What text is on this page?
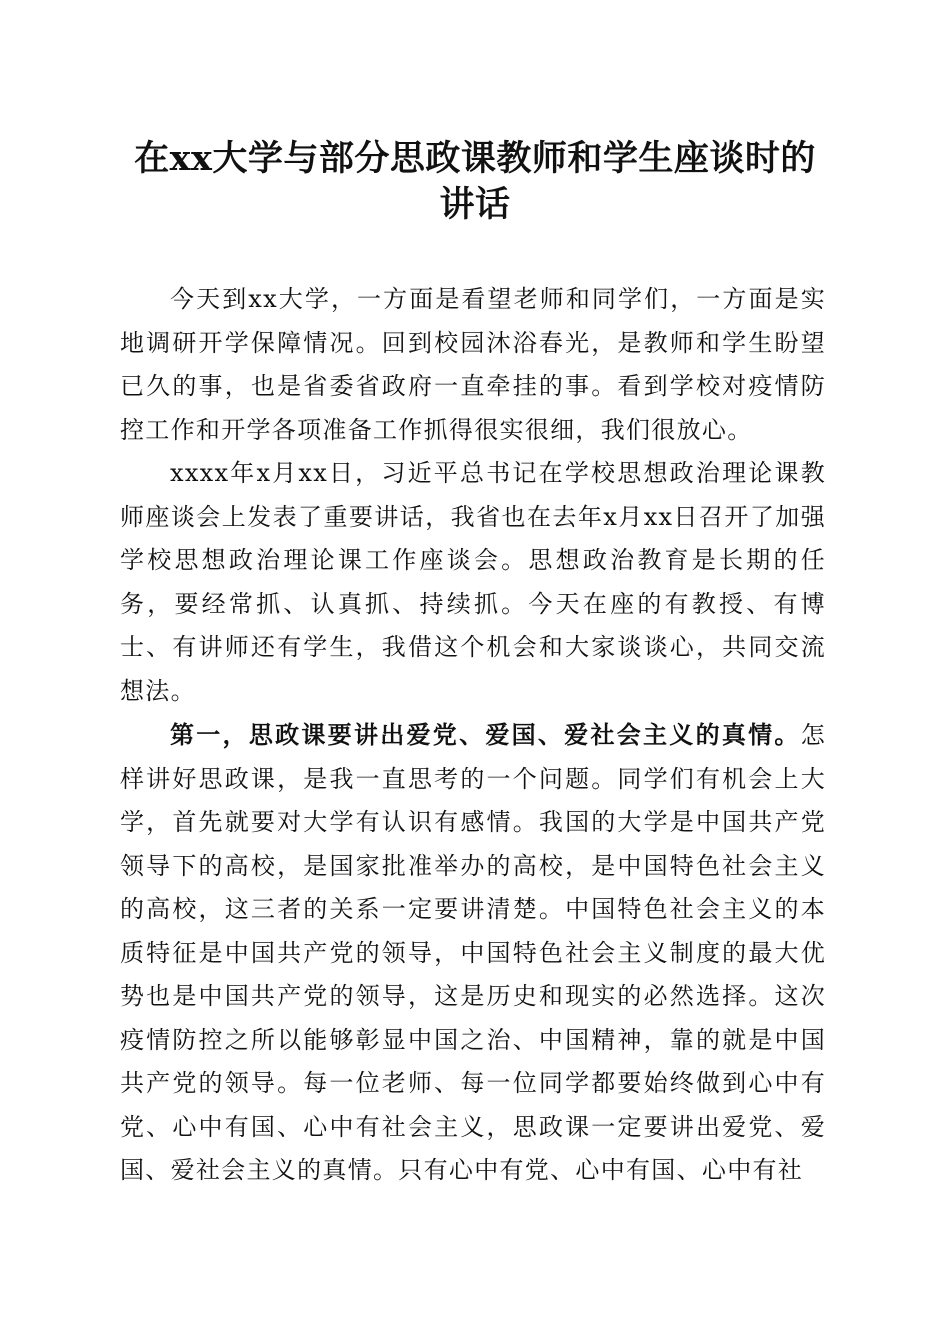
在xx大学与部分思政课教师和学生座谈时的
讲话

今天到xx大学，一方面是看望老师和同学们，一方面是实地调研开学保障情况。回到校园沐浴春光，是教师和学生盼望已久的事，也是省委省政府一直牵挂的事。看到学校对疫情防控工作和开学各项准备工作抓得很实很细，我们很放心。

xxxx年x月xx日，习近平总书记在学校思想政治理论课教师座谈会上发表了重要讲话，我省也在去年x月xx日召开了加强学校思想政治理论课工作座谈会。思想政治教育是长期的任务，要经常抓、认真抓、持续抓。今天在座的有教授、有博士、有讲师还有学生，我借这个机会和大家谈谈心，共同交流想法。

第一，思政课要讲出爱党、爱国、爱社会主义的真情。怎样讲好思政课，是我一直思考的一个问题。同学们有机会上大学，首先就要对大学有认识有感情。我国的大学是中国共产党领导下的高校，是国家批准举办的高校，是中国特色社会主义的高校，这三者的关系一定要讲清楚。中国特色社会主义的本质特征是中国共产党的领导，中国特色社会主义制度的最大优势也是中国共产党的领导，这是历史和现实的必然选择。这次疫情防控之所以能够彰显中国之治、中国精神，靠的就是中国共产党的领导。每一位老师、每一位同学都要始终做到心中有党、心中有国、心中有社会主义，思政课一定要讲出爱党、爱国、爱社会主义的真情。只有心中有党、心中有国、心中有社
